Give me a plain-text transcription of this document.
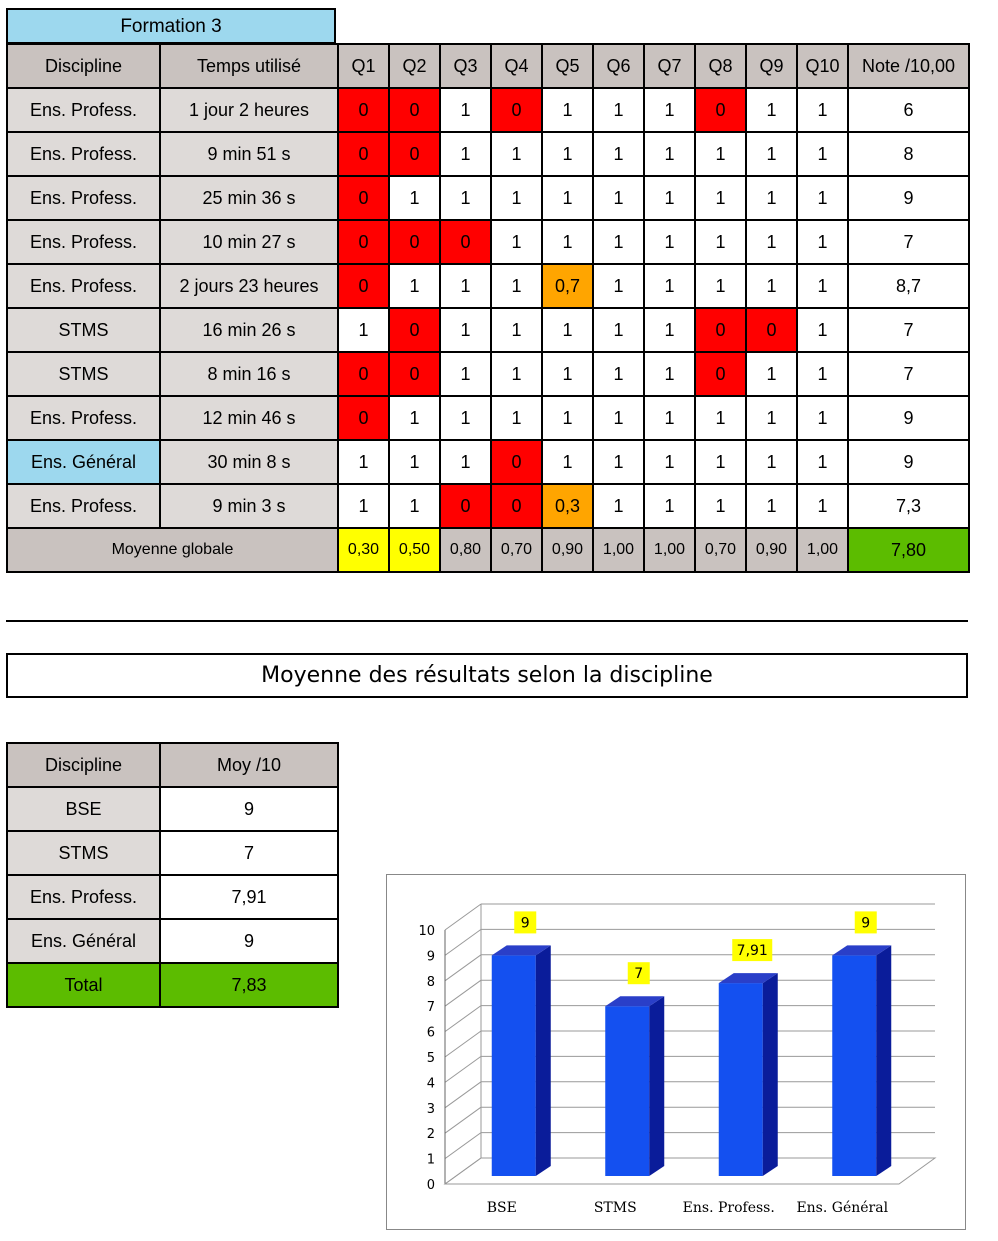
Formation 3
Discipline	Temps utilisé	Q1	Q2	Q3	Q4	Q5	Q6	Q7	Q8	Q9	Q10	Note /10,00
Ens. Profess.	1 jour 2 heures	0	0	1	0	1	1	1	0	1	1	6
Ens. Profess.	9 min 51 s	0	0	1	1	1	1	1	1	1	1	8
Ens. Profess.	25 min 36 s	0	1	1	1	1	1	1	1	1	1	9
Ens. Profess.	10 min 27 s	0	0	0	1	1	1	1	1	1	1	7
Ens. Profess.	2 jours 23 heures	0	1	1	1	0,7	1	1	1	1	1	8,7
STMS	16 min 26 s	1	0	1	1	1	1	1	0	0	1	7
STMS	8 min 16 s	0	0	1	1	1	1	1	0	1	1	7
Ens. Profess.	12 min 46 s	0	1	1	1	1	1	1	1	1	1	9
Ens. Général	30 min 8 s	1	1	1	0	1	1	1	1	1	1	9
Ens. Profess.	9 min 3 s	1	1	0	0	0,3	1	1	1	1	1	7,3
Moyenne globale		0,30	0,50	0,80	0,70	0,90	1,00	1,00	0,70	0,90	1,00	7,80
Moyenne des résultats selon la discipline
Discipline	Moy /10
BSE	9
STMS	7
Ens. Profess.	7,91
Ens. Général	9
Total	7,83
0
1
2
3
4
5
6
7
8
9
10
9
BSE
7
STMS
7,91
Ens. Profess.
9
Ens. Général
